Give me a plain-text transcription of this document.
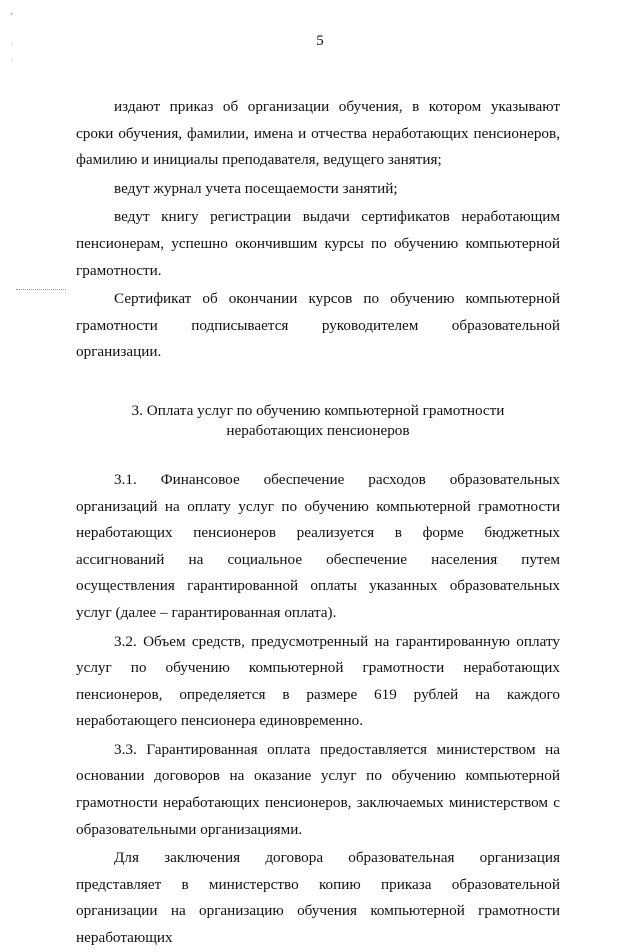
5
•
·
·

издают приказ об организации обучения, в котором указывают сроки обучения, фамилии, имена и отчества неработающих пенсионеров, фамилию и инициалы преподавателя, ведущего занятия;

ведут журнал учета посещаемости занятий;

ведут книгу регистрации выдачи сертификатов неработающим пенсионерам, успешно окончившим курсы по обучению компьютерной грамотности.

Сертификат об окончании курсов по обучению компьютерной грамотности подписывается руководителем образовательной организации.

3. Оплата услуг по обучению компьютерной грамотности
неработающих пенсионеров

3.1. Финансовое обеспечение расходов образовательных организаций на оплату услуг по обучению компьютерной грамотности неработающих пенсионеров реализуется в форме бюджетных ассигнований на социальное обеспечение населения путем осуществления гарантированной оплаты указанных образовательных услуг (далее – гарантированная оплата).

3.2. Объем средств, предусмотренный на гарантированную оплату услуг по обучению компьютерной грамотности неработающих пенсионеров, определяется в размере 619 рублей на каждого неработающего пенсионера единовременно.

3.3. Гарантированная оплата предоставляется министерством на основании договоров на оказание услуг по обучению компьютерной грамотности неработающих пенсионеров, заключаемых министерством с образовательными организациями.

Для заключения договора образовательная организация представляет в министерство копию приказа образовательной организации на организацию обучения компьютерной грамотности неработающих
